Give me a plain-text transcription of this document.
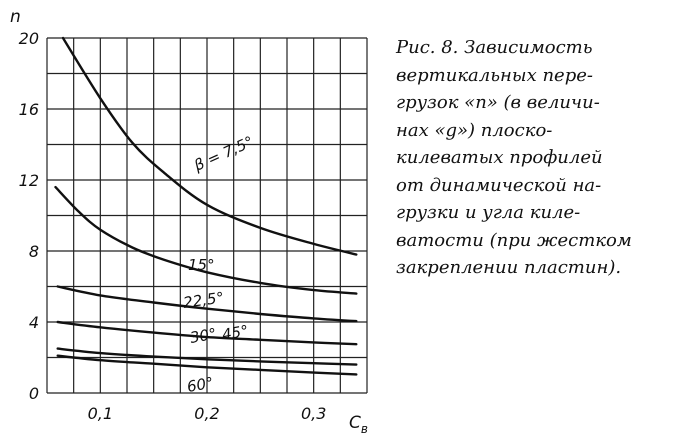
0
4
8
12
16
20
0,1	0,2	0,3
β = 7,5°
15°
22,5°
30° 45°
60°
n
$C_в$

Рис. 8. Зависимость
вертикальных пере-
грузок «n» (в величи-
нах «g») плоско-
килеватых профилей
от динамической на-
грузки и угла киле-
ватости (при жестком
закреплении пластин).
